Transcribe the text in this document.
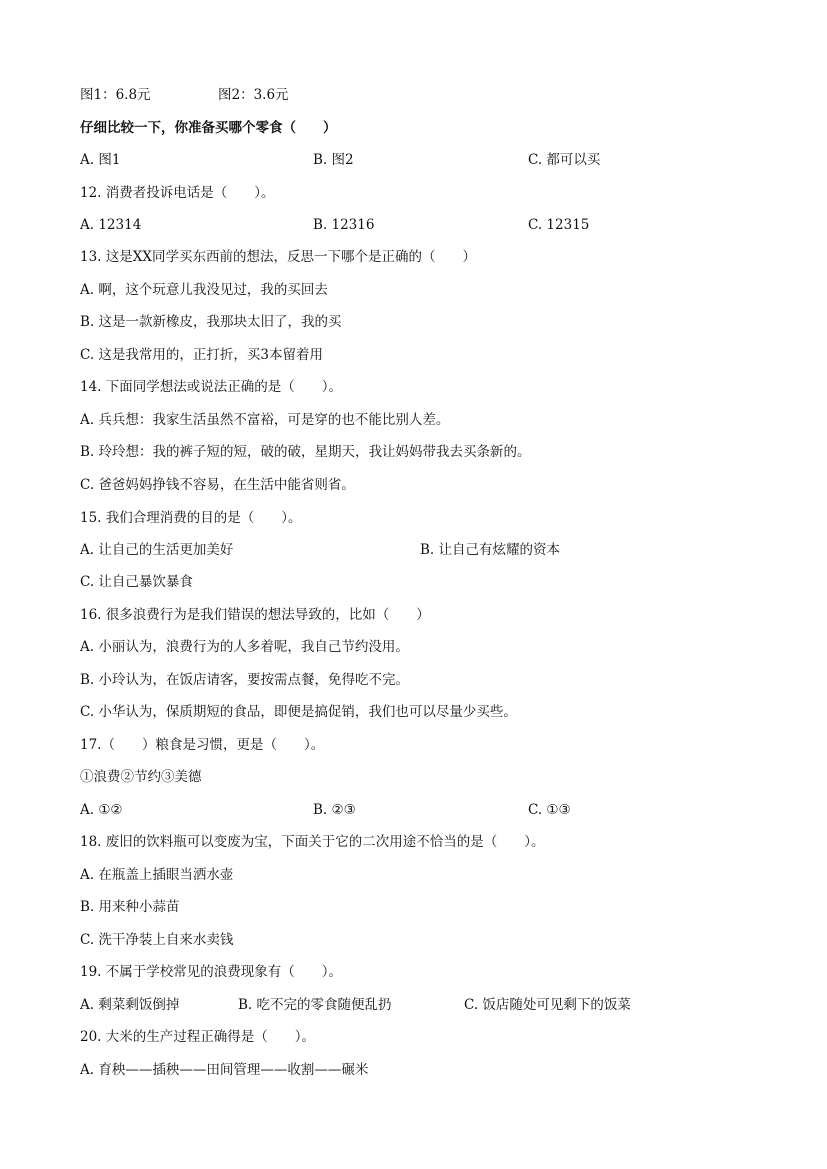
图1：6.8元	图2：3.6元
仔细比较一下，你准备买哪个零食（　　）
A. 图1	B. 图2	C. 都可以买
12. 消费者投诉电话是（　　）。
A. 12314	B. 12316	C. 12315
13. 这是XX同学买东西前的想法，反思一下哪个是正确的（　　）
A. 啊，这个玩意儿我没见过，我的买回去
B. 这是一款新橡皮，我那块太旧了，我的买
C. 这是我常用的，正打折，买3本留着用
14. 下面同学想法或说法正确的是（　　）。
A. 兵兵想：我家生活虽然不富裕，可是穿的也不能比别人差。
B. 玲玲想：我的裤子短的短，破的破，星期天，我让妈妈带我去买条新的。
C. 爸爸妈妈挣钱不容易，在生活中能省则省。
15. 我们合理消费的目的是（　　）。
A. 让自己的生活更加美好	B. 让自己有炫耀的资本
C. 让自己暴饮暴食
16. 很多浪费行为是我们错误的想法导致的，比如（　　）
A. 小丽认为，浪费行为的人多着呢，我自己节约没用。
B. 小玲认为，在饭店请客，要按需点餐，免得吃不完。
C. 小华认为，保质期短的食品，即便是搞促销，我们也可以尽量少买些。
17.（　　）粮食是习惯，更是（　　）。
①浪费②节约③美德
A. ①②	B. ②③	C. ①③
18. 废旧的饮料瓶可以变废为宝，下面关于它的二次用途不恰当的是（　　）。
A. 在瓶盖上插眼当洒水壶
B. 用来种小蒜苗
C. 洗干净装上自来水卖钱
19. 不属于学校常见的浪费现象有（　　）。
A. 剩菜剩饭倒掉	B. 吃不完的零食随便乱扔	C. 饭店随处可见剩下的饭菜
20. 大米的生产过程正确得是（　　）。
A. 育秧——插秧——田间管理——收割——碾米
